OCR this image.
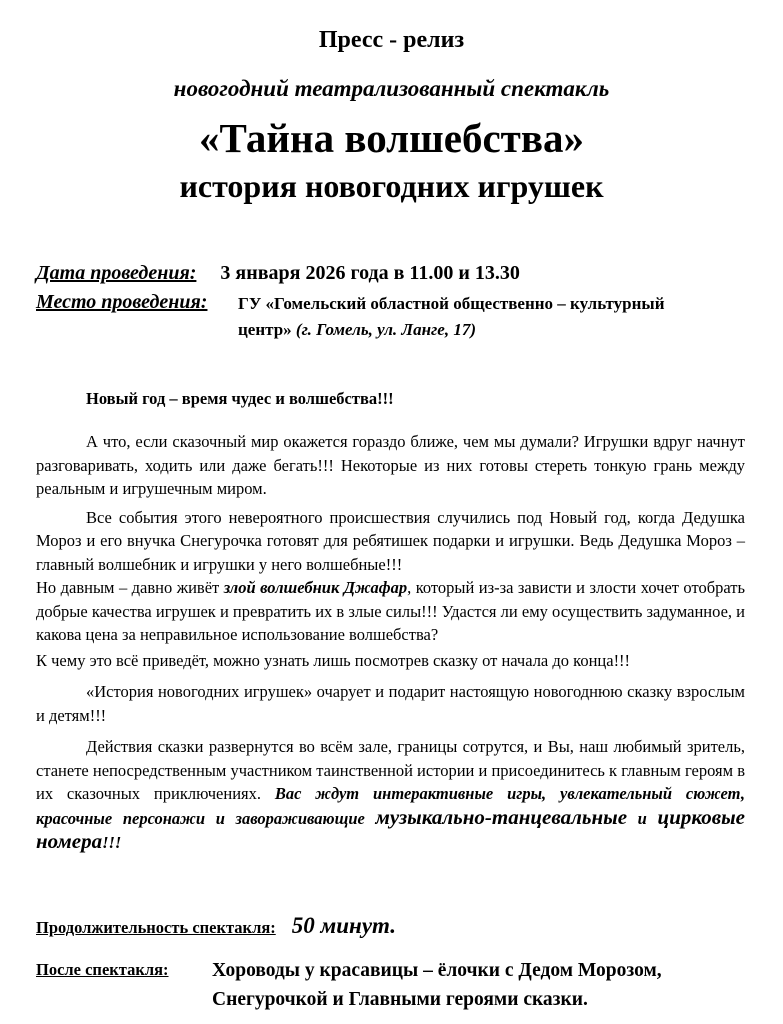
Пресс - релиз
новогодний театрализованный спектакль
«Тайна волшебства»
история новогодних игрушек
Дата проведения: 3 января 2026 года в 11.00 и 13.30
Место проведения: ГУ «Гомельский областной общественно – культурный
центр» (г. Гомель, ул. Ланге, 17)
Новый год – время чудес и волшебства!!!
А что, если сказочный мир окажется гораздо ближе, чем мы думали? Игрушки вдруг начнут разговаривать, ходить или даже бегать!!! Некоторые из них готовы стереть тонкую грань между реальным и игрушечным миром.
Все события этого невероятного происшествия случились под Новый год, когда Дедушка Мороз и его внучка Снегурочка готовят для ребятишек подарки и игрушки. Ведь Дедушка Мороз – главный волшебник и игрушки у него волшебные!!!
Но давным – давно живёт злой волшебник Джафар, который из-за зависти и злости хочет отобрать добрые качества игрушек и превратить их в злые силы!!! Удастся ли ему осуществить задуманное, и какова цена за неправильное использование волшебства?
К чему это всё приведёт, можно узнать лишь посмотрев сказку от начала до конца!!!
«История новогодних игрушек» очарует и подарит настоящую новогоднюю сказку взрослым и детям!!!
Действия сказки развернутся во всём зале, границы сотрутся, и Вы, наш любимый зритель, станете непосредственным участником таинственной истории и присоединитесь к главным героям в их сказочных приключениях. Вас ждут интерактивные игры, увлекательный сюжет, красочные персонажи и завораживающие музыкально-танцевальные и цирковые номера!!!
Продолжительность спектакля: 50 минут.
После спектакля: Хороводы у красавицы – ёлочки с Дедом Морозом,
Снегурочкой и Главными героями сказки.
